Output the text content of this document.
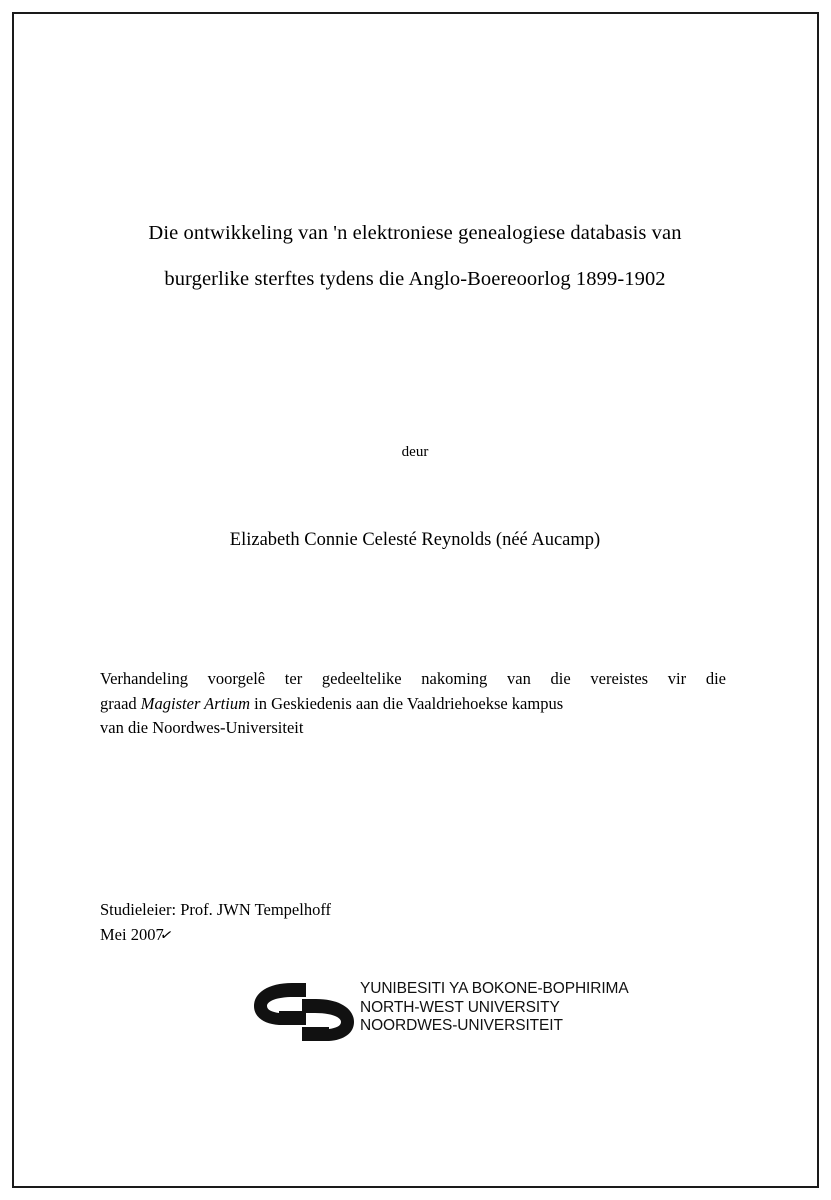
Die ontwikkeling van 'n elektroniese genealogiese databasis van
burgerlike sterftes tydens die Anglo-Boereoorlog 1899-1902
deur
Elizabeth Connie Celesté Reynolds (néé Aucamp)
Verhandeling voorgelê ter gedeeltelike nakoming van die vereistes vir die
graad Magister Artium in Geskiedenis aan die Vaaldriehoekse kampus
van die Noordwes-Universiteit
Studieleier: Prof. JWN Tempelhoff
Mei 2007
✓
YUNIBESITI YA BOKONE-BOPHIRIMA
NORTH-WEST UNIVERSITY
NOORDWES-UNIVERSITEIT
